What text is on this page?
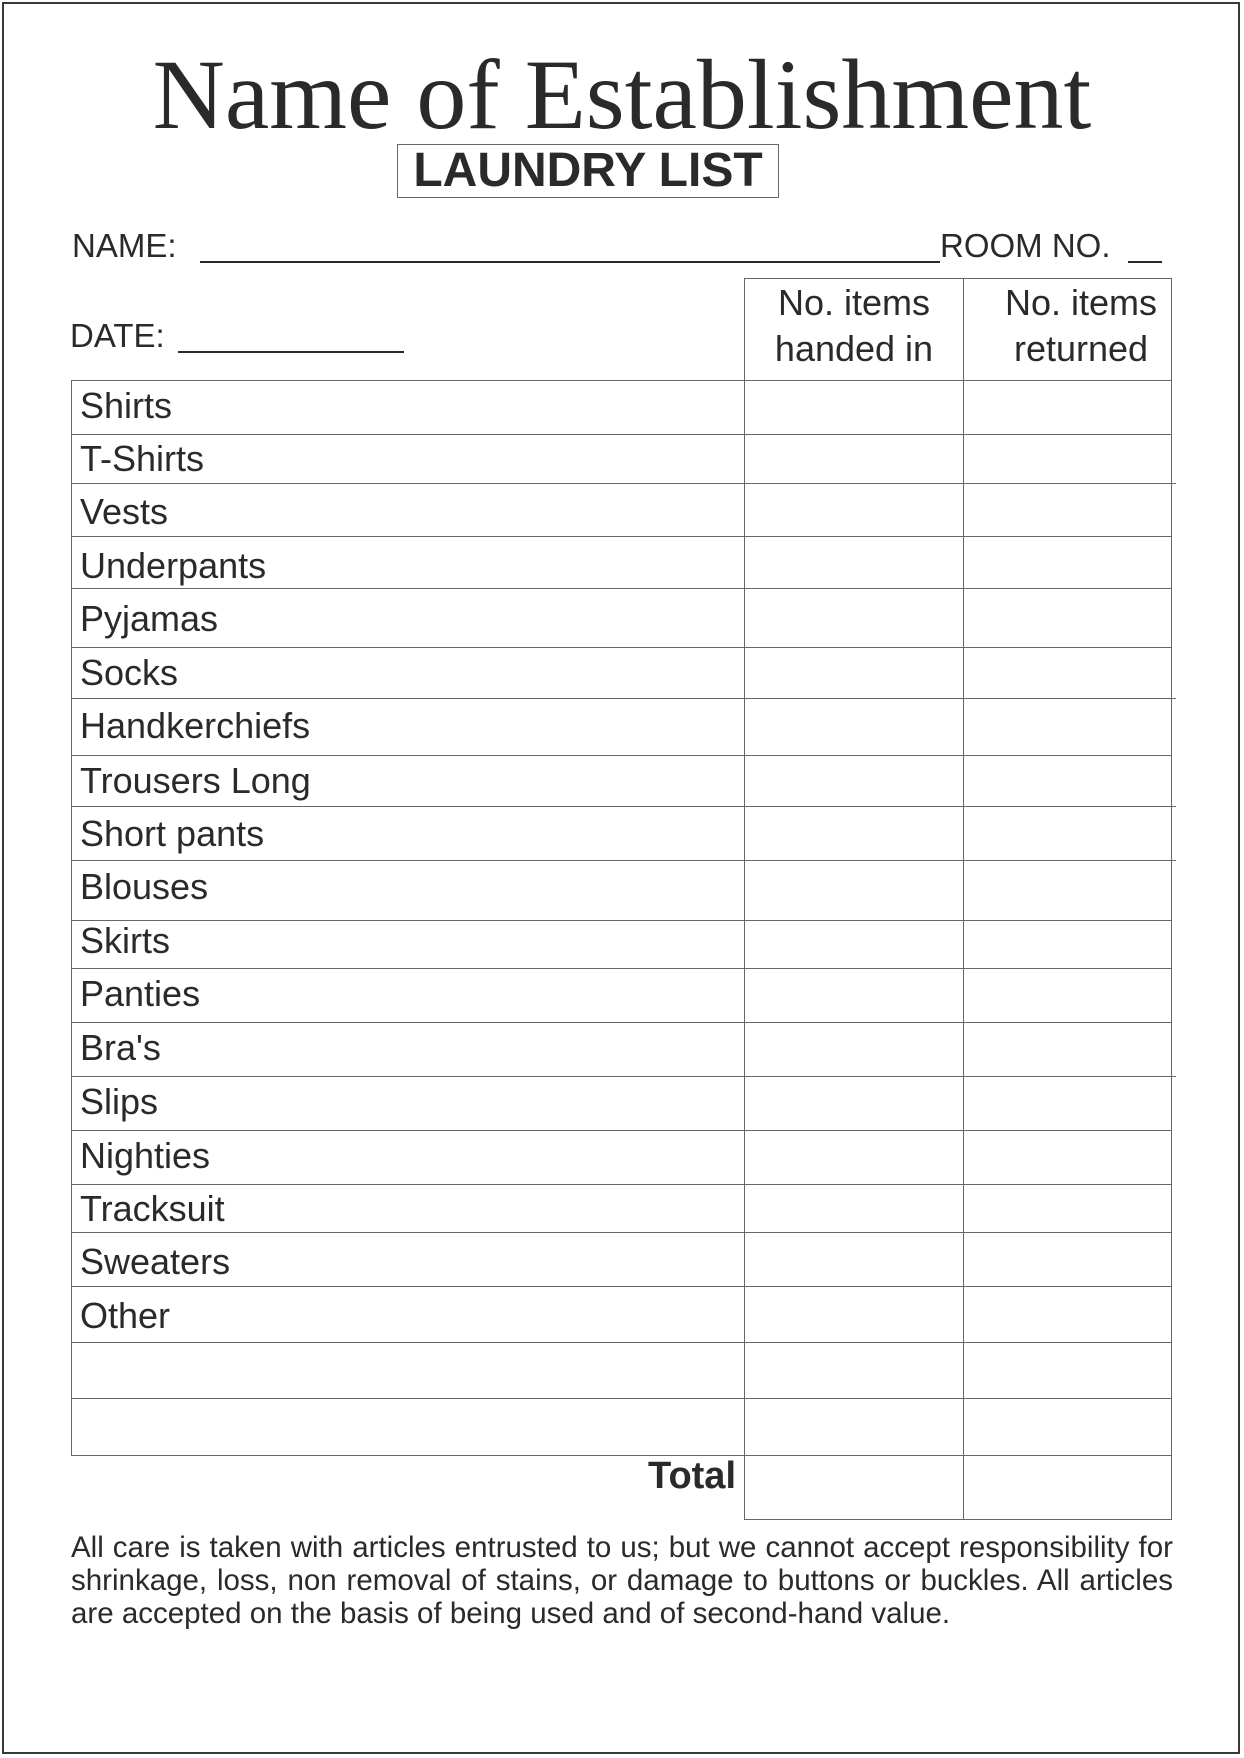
Name of Establishment
LAUNDRY LIST
NAME:	ROOM NO.
DATE:
No. items
handed in
No. items
returned
Shirts
T-Shirts
Vests
Underpants
Pyjamas
Socks
Handkerchiefs
Trousers Long
Short pants
Blouses
Skirts
Panties
Bra's
Slips
Nighties
Tracksuit
Sweaters
Other
Total
All care is taken with articles entrusted to us; but we cannot accept responsibility for shrinkage, loss, non removal of stains, or damage to buttons or buckles. All articles are accepted on the basis of being used and of second-hand value.
